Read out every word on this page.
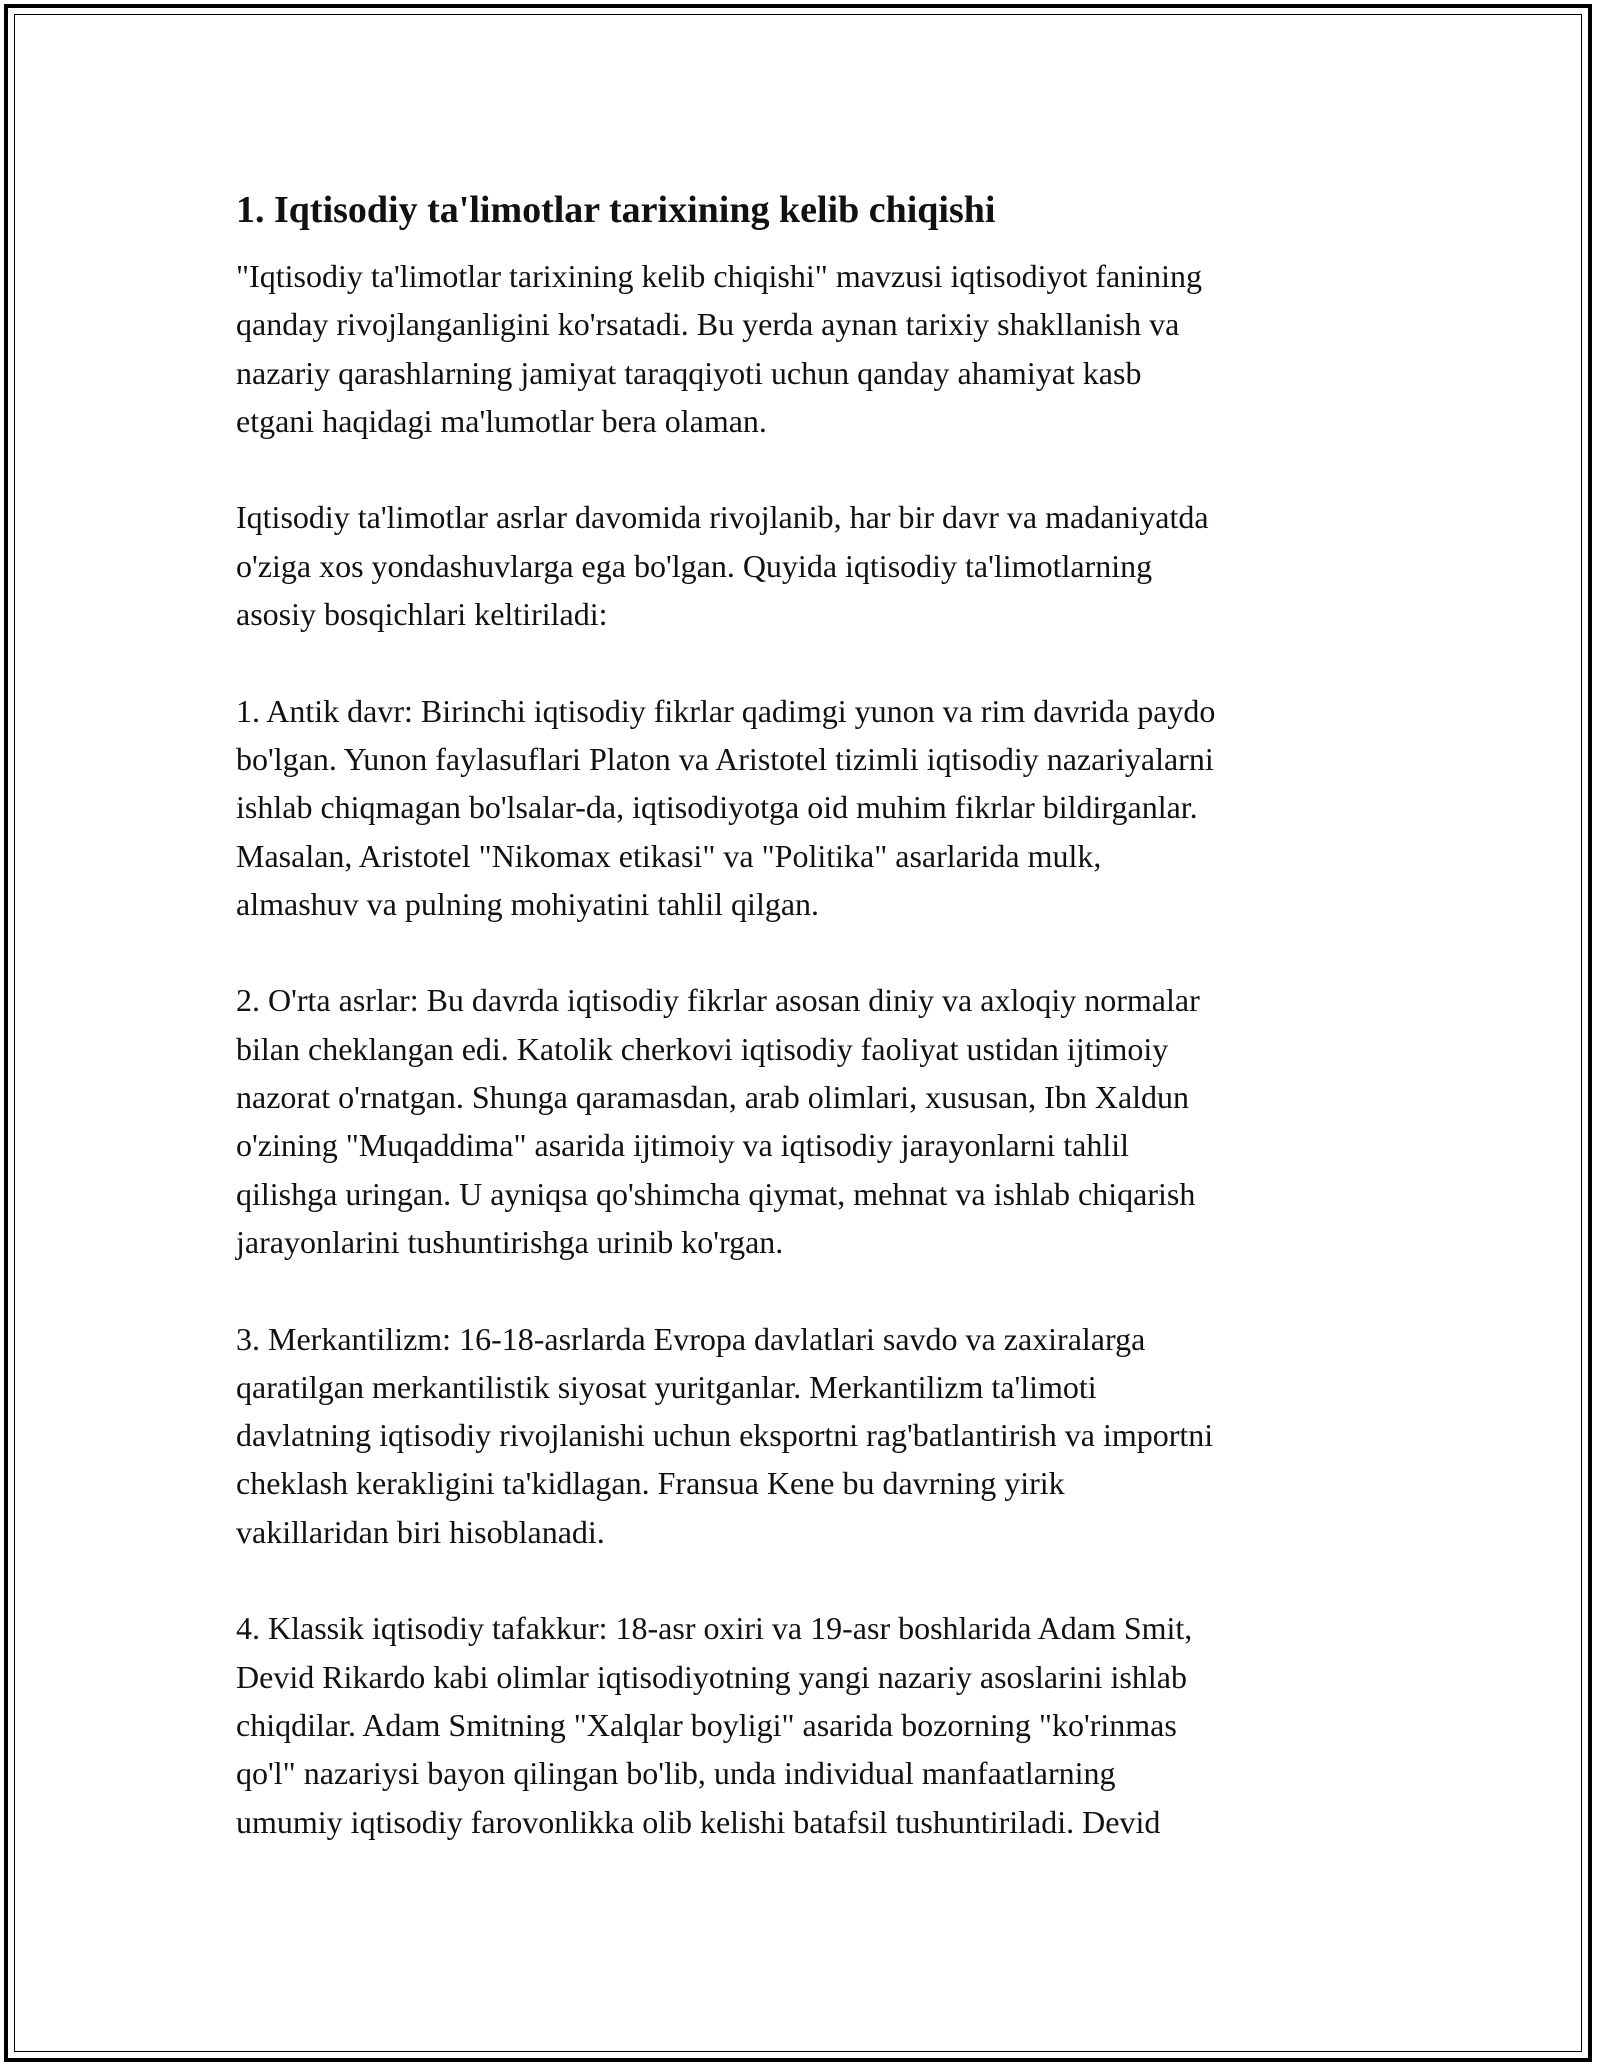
1. Iqtisodiy ta'limotlar tarixining kelib chiqishi
"Iqtisodiy ta'limotlar tarixining kelib chiqishi" mavzusi iqtisodiyot fanining
qanday rivojlanganligini ko'rsatadi. Bu yerda aynan tarixiy shakllanish va
nazariy qarashlarning jamiyat taraqqiyoti uchun qanday ahamiyat kasb
etgani haqidagi ma'lumotlar bera olaman.
Iqtisodiy ta'limotlar asrlar davomida rivojlanib, har bir davr va madaniyatda
o'ziga xos yondashuvlarga ega bo'lgan. Quyida iqtisodiy ta'limotlarning
asosiy bosqichlari keltiriladi:
1. Antik davr: Birinchi iqtisodiy fikrlar qadimgi yunon va rim davrida paydo
bo'lgan. Yunon faylasuflari Platon va Aristotel tizimli iqtisodiy nazariyalarni
ishlab chiqmagan bo'lsalar-da, iqtisodiyotga oid muhim fikrlar bildirganlar.
Masalan, Aristotel "Nikomax etikasi" va "Politika" asarlarida mulk,
almashuv va pulning mohiyatini tahlil qilgan.
2. O'rta asrlar: Bu davrda iqtisodiy fikrlar asosan diniy va axloqiy normalar
bilan cheklangan edi. Katolik cherkovi iqtisodiy faoliyat ustidan ijtimoiy
nazorat o'rnatgan. Shunga qaramasdan, arab olimlari, xususan, Ibn Xaldun
o'zining "Muqaddima" asarida ijtimoiy va iqtisodiy jarayonlarni tahlil
qilishga uringan. U ayniqsa qo'shimcha qiymat, mehnat va ishlab chiqarish
jarayonlarini tushuntirishga urinib ko'rgan.
3. Merkantilizm: 16-18-asrlarda Evropa davlatlari savdo va zaxiralarga
qaratilgan merkantilistik siyosat yuritganlar. Merkantilizm ta'limoti
davlatning iqtisodiy rivojlanishi uchun eksportni rag'batlantirish va importni
cheklash kerakligini ta'kidlagan. Fransua Kene bu davrning yirik
vakillaridan biri hisoblanadi.
4. Klassik iqtisodiy tafakkur: 18-asr oxiri va 19-asr boshlarida Adam Smit,
Devid Rikardo kabi olimlar iqtisodiyotning yangi nazariy asoslarini ishlab
chiqdilar. Adam Smitning "Xalqlar boyligi" asarida bozorning "ko'rinmas
qo'l" nazariysi bayon qilingan bo'lib, unda individual manfaatlarning
umumiy iqtisodiy farovonlikka olib kelishi batafsil tushuntiriladi. Devid
